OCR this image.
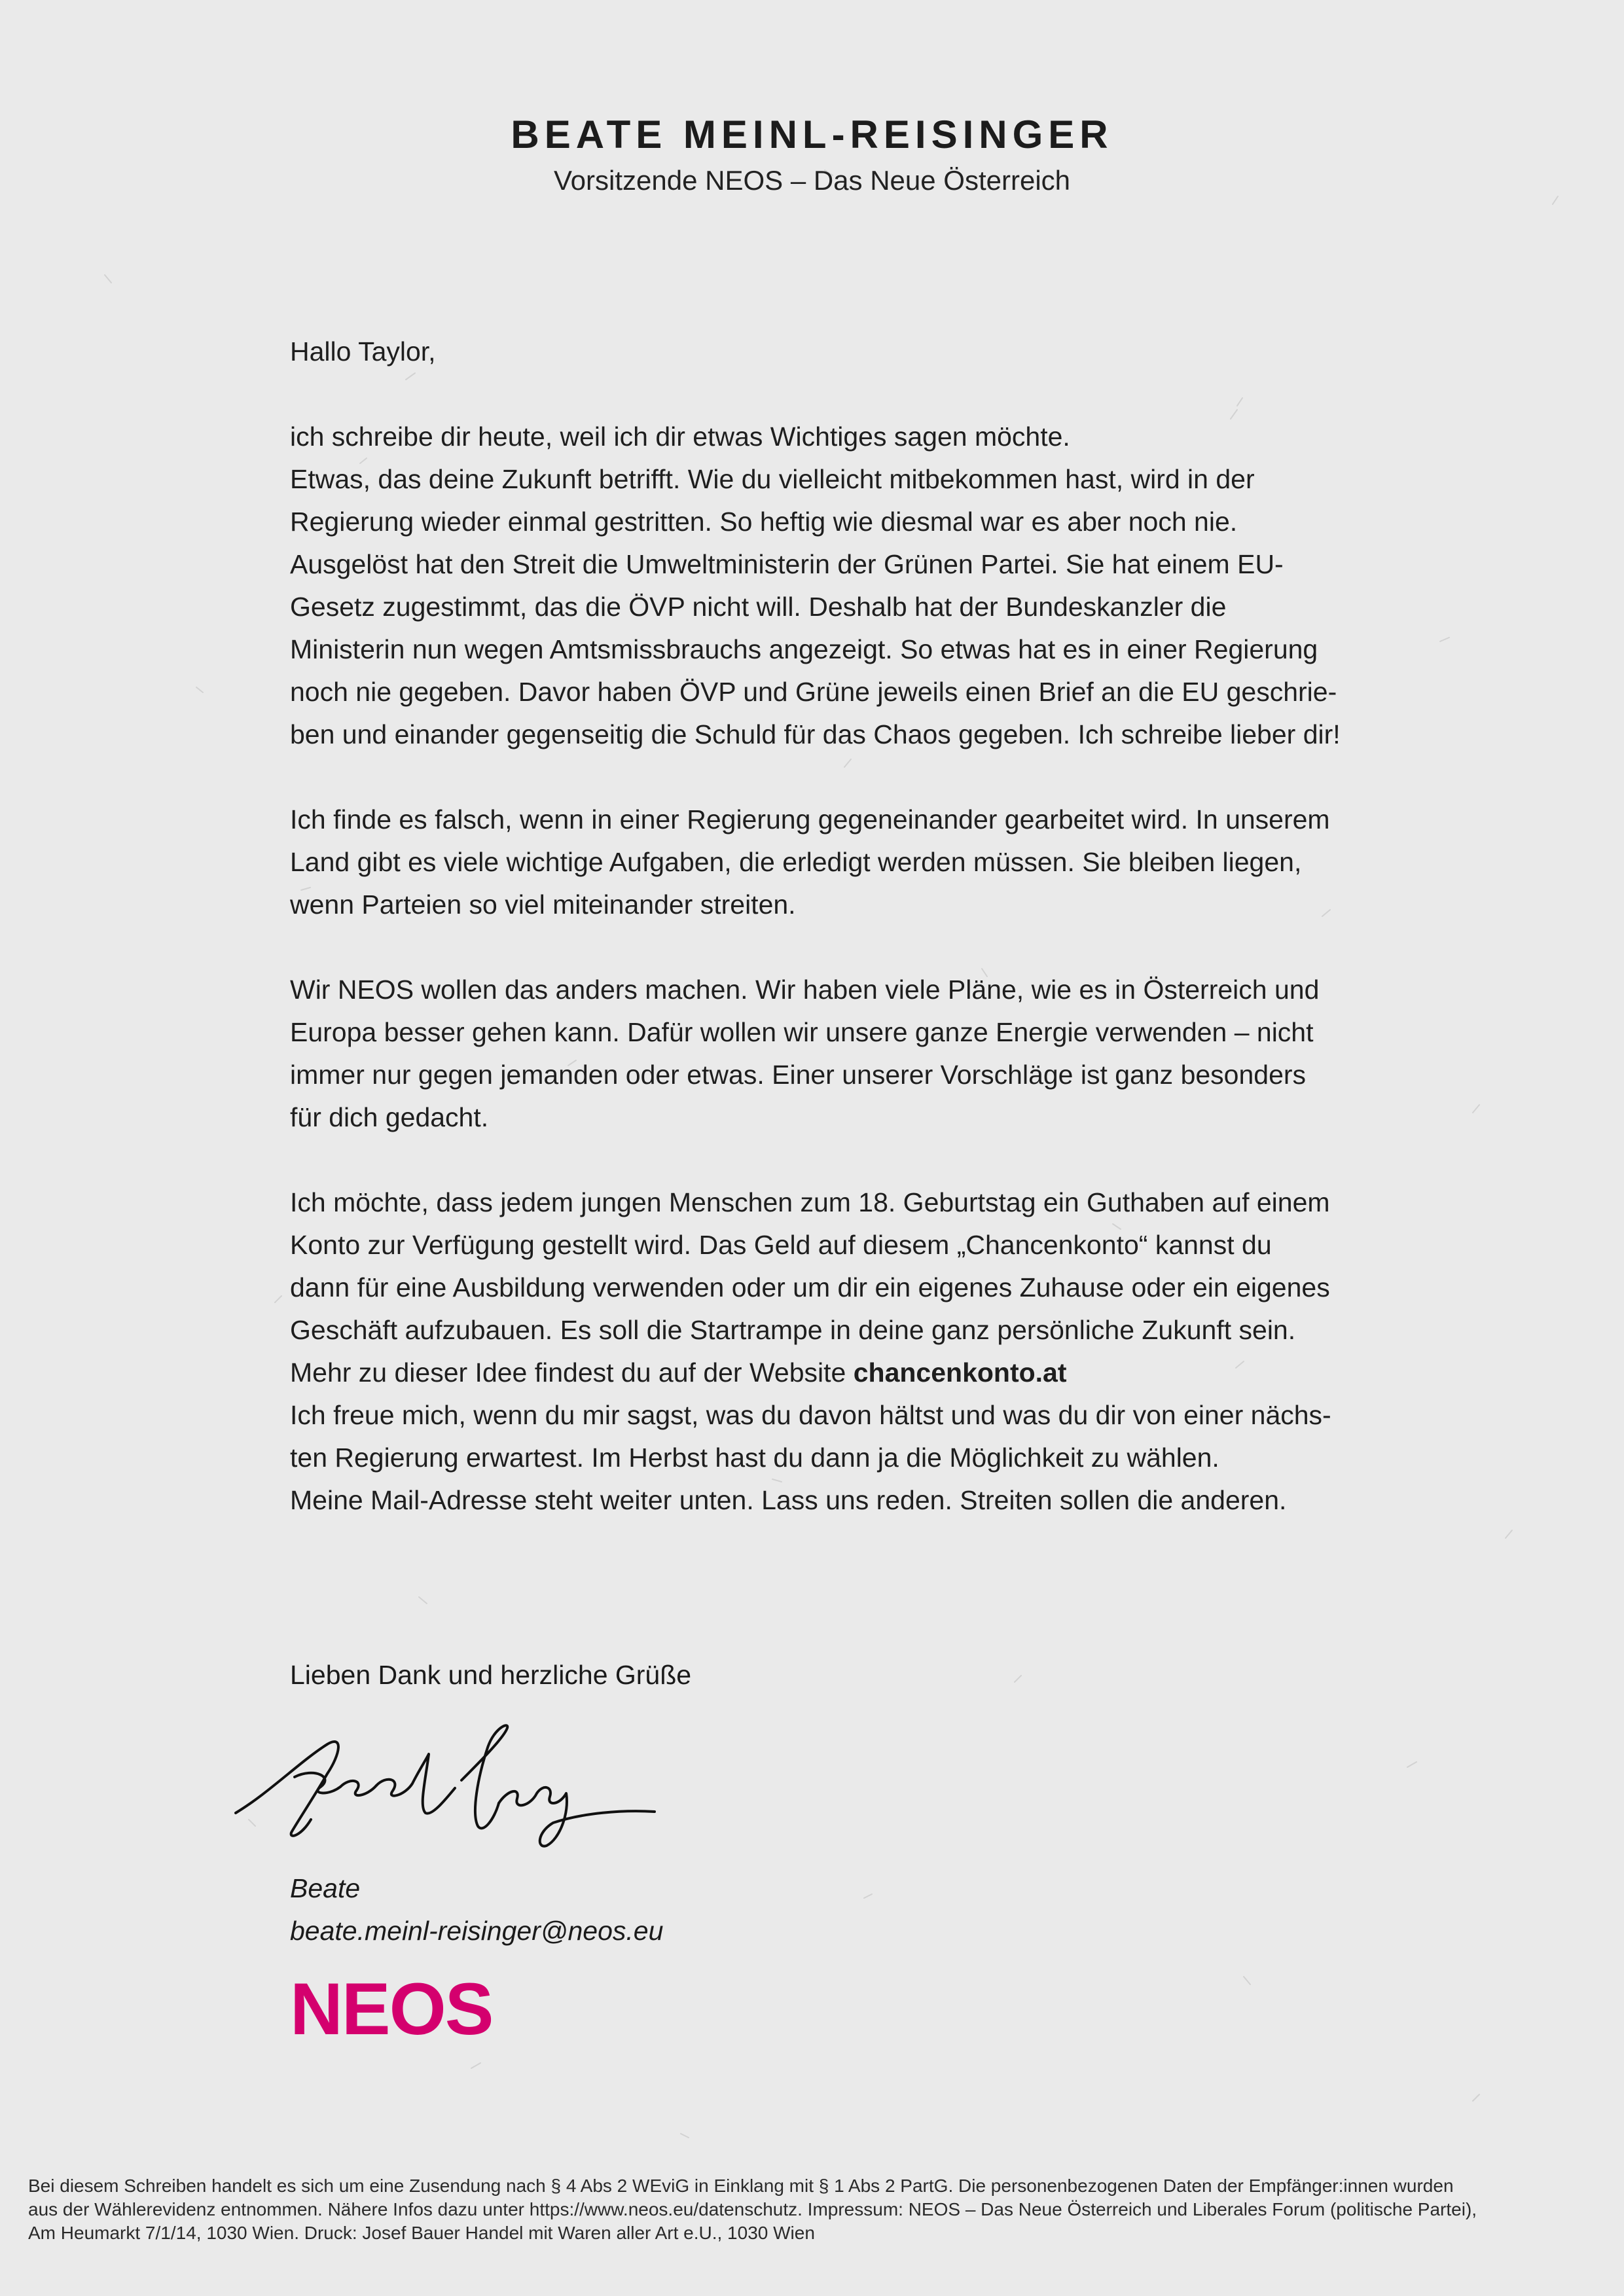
BEATE MEINL-REISINGER
Vorsitzende NEOS – Das Neue Österreich

Hallo Taylor,

ich schreibe dir heute, weil ich dir etwas Wichtiges sagen möchte.
Etwas, das deine Zukunft betrifft. Wie du vielleicht mitbekommen hast, wird in der
Regierung wieder einmal gestritten. So heftig wie diesmal war es aber noch nie.
Ausgelöst hat den Streit die Umweltministerin der Grünen Partei. Sie hat einem EU-
Gesetz zugestimmt, das die ÖVP nicht will. Deshalb hat der Bundeskanzler die
Ministerin nun wegen Amtsmissbrauchs angezeigt. So etwas hat es in einer Regierung
noch nie gegeben. Davor haben ÖVP und Grüne jeweils einen Brief an die EU geschrie-
ben und einander gegenseitig die Schuld für das Chaos gegeben. Ich schreibe lieber dir!

Ich finde es falsch, wenn in einer Regierung gegeneinander gearbeitet wird. In unserem
Land gibt es viele wichtige Aufgaben, die erledigt werden müssen. Sie bleiben liegen,
wenn Parteien so viel miteinander streiten.

Wir NEOS wollen das anders machen. Wir haben viele Pläne, wie es in Österreich und
Europa besser gehen kann. Dafür wollen wir unsere ganze Energie verwenden – nicht
immer nur gegen jemanden oder etwas. Einer unserer Vorschläge ist ganz besonders
für dich gedacht.

Ich möchte, dass jedem jungen Menschen zum 18. Geburtstag ein Guthaben auf einem
Konto zur Verfügung gestellt wird. Das Geld auf diesem „Chancenkonto“ kannst du
dann für eine Ausbildung verwenden oder um dir ein eigenes Zuhause oder ein eigenes
Geschäft aufzubauen. Es soll die Startrampe in deine ganz persönliche Zukunft sein.
Mehr zu dieser Idee findest du auf der Website chancenkonto.at
Ich freue mich, wenn du mir sagst, was du davon hältst und was du dir von einer nächs-
ten Regierung erwartest. Im Herbst hast du dann ja die Möglichkeit zu wählen.
Meine Mail-Adresse steht weiter unten. Lass uns reden. Streiten sollen die anderen.

Lieben Dank und herzliche Grüße
Beate
beate.meinl-reisinger@neos.eu
NEOS
Bei diesem Schreiben handelt es sich um eine Zusendung nach § 4 Abs 2 WEviG in Einklang mit § 1 Abs 2 PartG. Die personenbezogenen Daten der Empfänger:innen wurden
aus der Wählerevidenz entnommen. Nähere Infos dazu unter https://www.neos.eu/datenschutz. Impressum: NEOS – Das Neue Österreich und Liberales Forum (politische Partei),
Am Heumarkt 7/1/14, 1030 Wien. Druck: Josef Bauer Handel mit Waren aller Art e.U., 1030 Wien
